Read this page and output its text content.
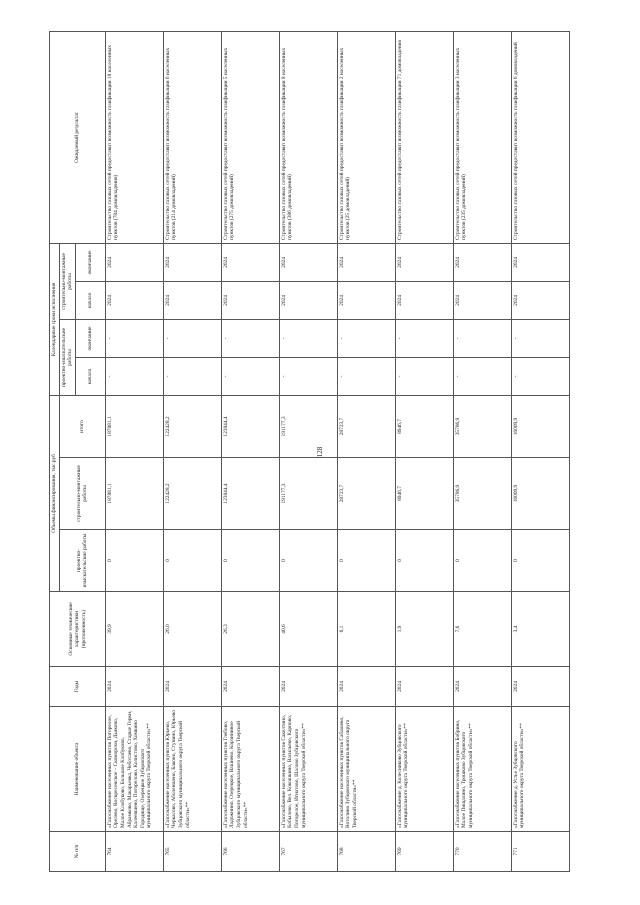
128
№ п/п	Наименование объекта	Годы	Основные технические характеристики (протяженность)	Объемы финансирования, тыс.руб			Календарные сроки исполнения				Ожидаемый результат
				проектно-изыскательские работы	строительно-монтажные работы	итого	проектно-изыскательские работы		строительно-монтажные работы		
							начало	окончание	начало	окончание	
764	«Газоснабжение населенных пунктов Погорелое, Орелево, Воскресенское – Скоморохи, Дьяково, Малое Клобуково, Большое Клобуково, Абрамково, Макарьевка, Чеботаево, Старые Горки, Калеевшено, Погорелово, Колистово, Хомкино Городище, Озерецкое Зубцовского муниципального округа Тверской области»**	2024	39,9	0	187881,1	187881,1	-	-	2024	2024	Строительство газовых сетей предоставит возможность газификации 18 населенных пунктов (784 домовладения)
765	«Газоснабжение населенных пунктов Юрьево, Черкасово, Аболеншено, Баконо, Ступино, Юрьево Зубцовского муниципального округа Тверской области»**	2024	26,0	0	122428,2	122428,2	-	-	2024	2024	Строительство газовых сетей предоставит возможность газификации 6 населенных пунктов (214 домовладений)
766	«Газоснабжение населенных пунктов Глебово, Ладожнино, Озерецкое, Вашнево, Корзининое Зубцовского муниципального округа Тверской области»**	2024	26,3	0	123844,4	123844,4	-	-	2024	2024	Строительство газовых сетей предоставит возможность газификации 5 населенных пунктов (275 домовладений)
767	«Газоснабжение населенных пунктов Сакелтино, Кобылево, Вел. Кокошкино, Васильево, Карпово, Погорелое, Игнатово, Шалово Зубцовского муниципального округа Тверской области»**	2024	40,6	0	191177,3	191177,3	-	-	2024	2024	Строительство газовых сетей предоставит возможность газификации 8 населенных пунктов (386 домовладений)
768	«Газоснабжение населенных пунктов Сабашево, Вотолино Зубцовского муниципального округа Тверской области»**	2024	6,1	0	28723,7	28723,7	-	-	2024	2024	Строительство газовых сетей предоставит возможность газификации 2 населенных пунктов (25 домовладений)
769	«Газоснабжение д. Колесниково Зубцовского муниципального округа Тверской области»**	2024	1,9	0	8946,7	8946,7	-	-	2024	2024	Строительство газовых сетей предоставит возможность газификации 71 домовладения
770	«Газоснабжение населенных пунктов Бобрино, Малое Пищалино, Трошково Зубцовского муниципального округа Тверской области»**	2024	7,6	0	35786,9	35786,9	-	-	2024	2024	Строительство газовых сетей предоставит возможность газификации 3 населенных пунктов (235 домовладений)
771	«Газоснабжение д. Устье Зубцовского муниципального округа Тверской области»**	2024	3,4	0	16009,9	16009,9	-	-	2024	2024	Строительство газовых сетей предоставит возможность газификации 6 домовладений
